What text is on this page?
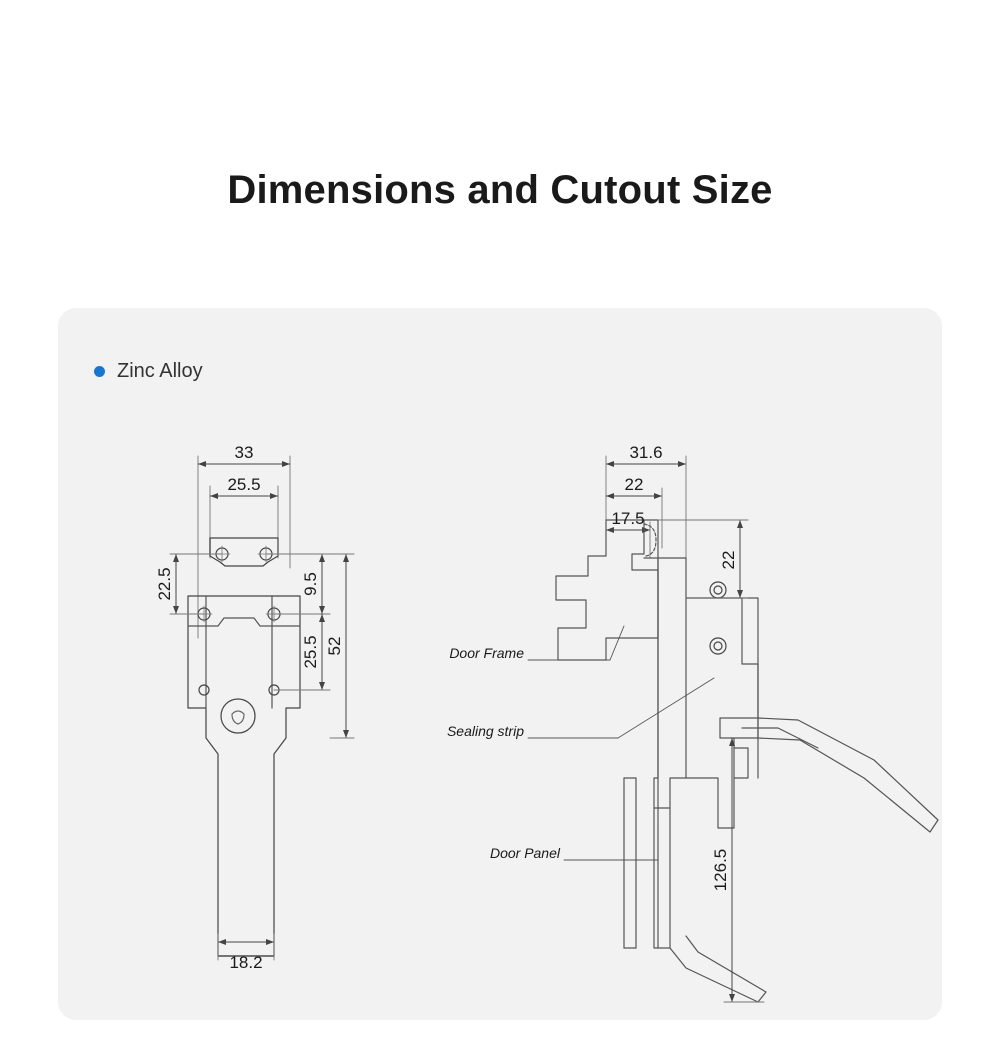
Dimensions and Cutout Size
Zinc Alloy
33
25.5
22.5	9.5
25.5 52
18.2
31.6
22
17.5
22
126.5
Door Frame
Sealing strip
Door Panel
